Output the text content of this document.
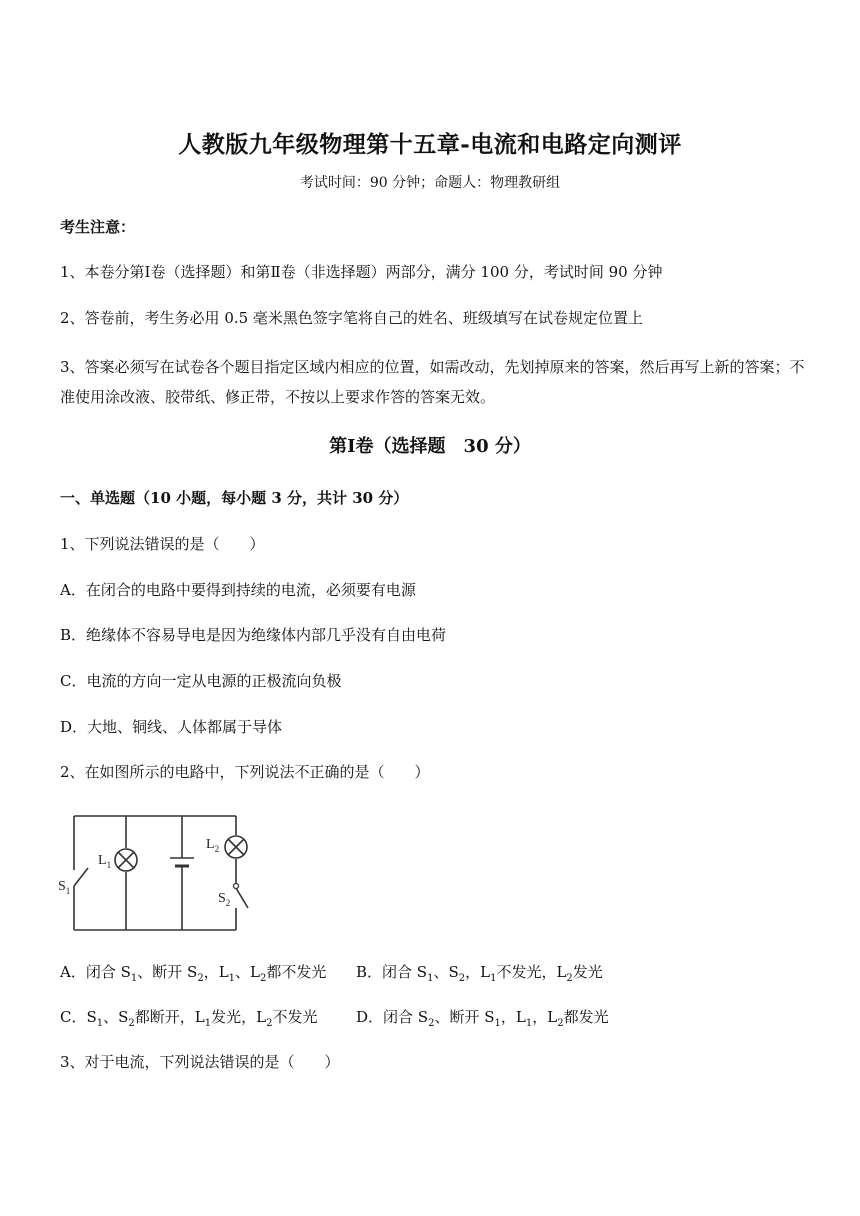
人教版九年级物理第十五章-电流和电路定向测评
考试时间：90 分钟；命题人：物理教研组
考生注意：
1、本卷分第Ⅰ卷（选择题）和第Ⅱ卷（非选择题）两部分，满分 100 分，考试时间 90 分钟
2、答卷前，考生务必用 0.5 毫米黑色签字笔将自己的姓名、班级填写在试卷规定位置上
3、答案必须写在试卷各个题目指定区域内相应的位置，如需改动，先划掉原来的答案，然后再写上新的答案；不准使用涂改液、胶带纸、修正带，不按以上要求作答的答案无效。
第Ⅰ卷（选择题　30 分）
一、单选题（10 小题，每小题 3 分，共计 30 分）
1、下列说法错误的是（　　）
A．在闭合的电路中要得到持续的电流，必须要有电源
B．绝缘体不容易导电是因为绝缘体内部几乎没有自由电荷
C．电流的方向一定从电源的正极流向负极
D．大地、铜线、人体都属于导体
2、在如图所示的电路中，下列说法不正确的是（　　）
$L_1$
$L_2$
$S_1$	$S_2$
A．闭合 $S_1$、断开 $S_2$，$L_1$、$L_2$都不发光 B．闭合 $S_1$、$S_2$，$L_1$不发光，$L_2$发光
C．$S_1$、$S_2$都断开，$L_1$发光，$L_2$不发光	D．闭合 $S_2$、断开 $S_1$，$L_1$，$L_2$都发光
3、对于电流，下列说法错误的是（　　）
